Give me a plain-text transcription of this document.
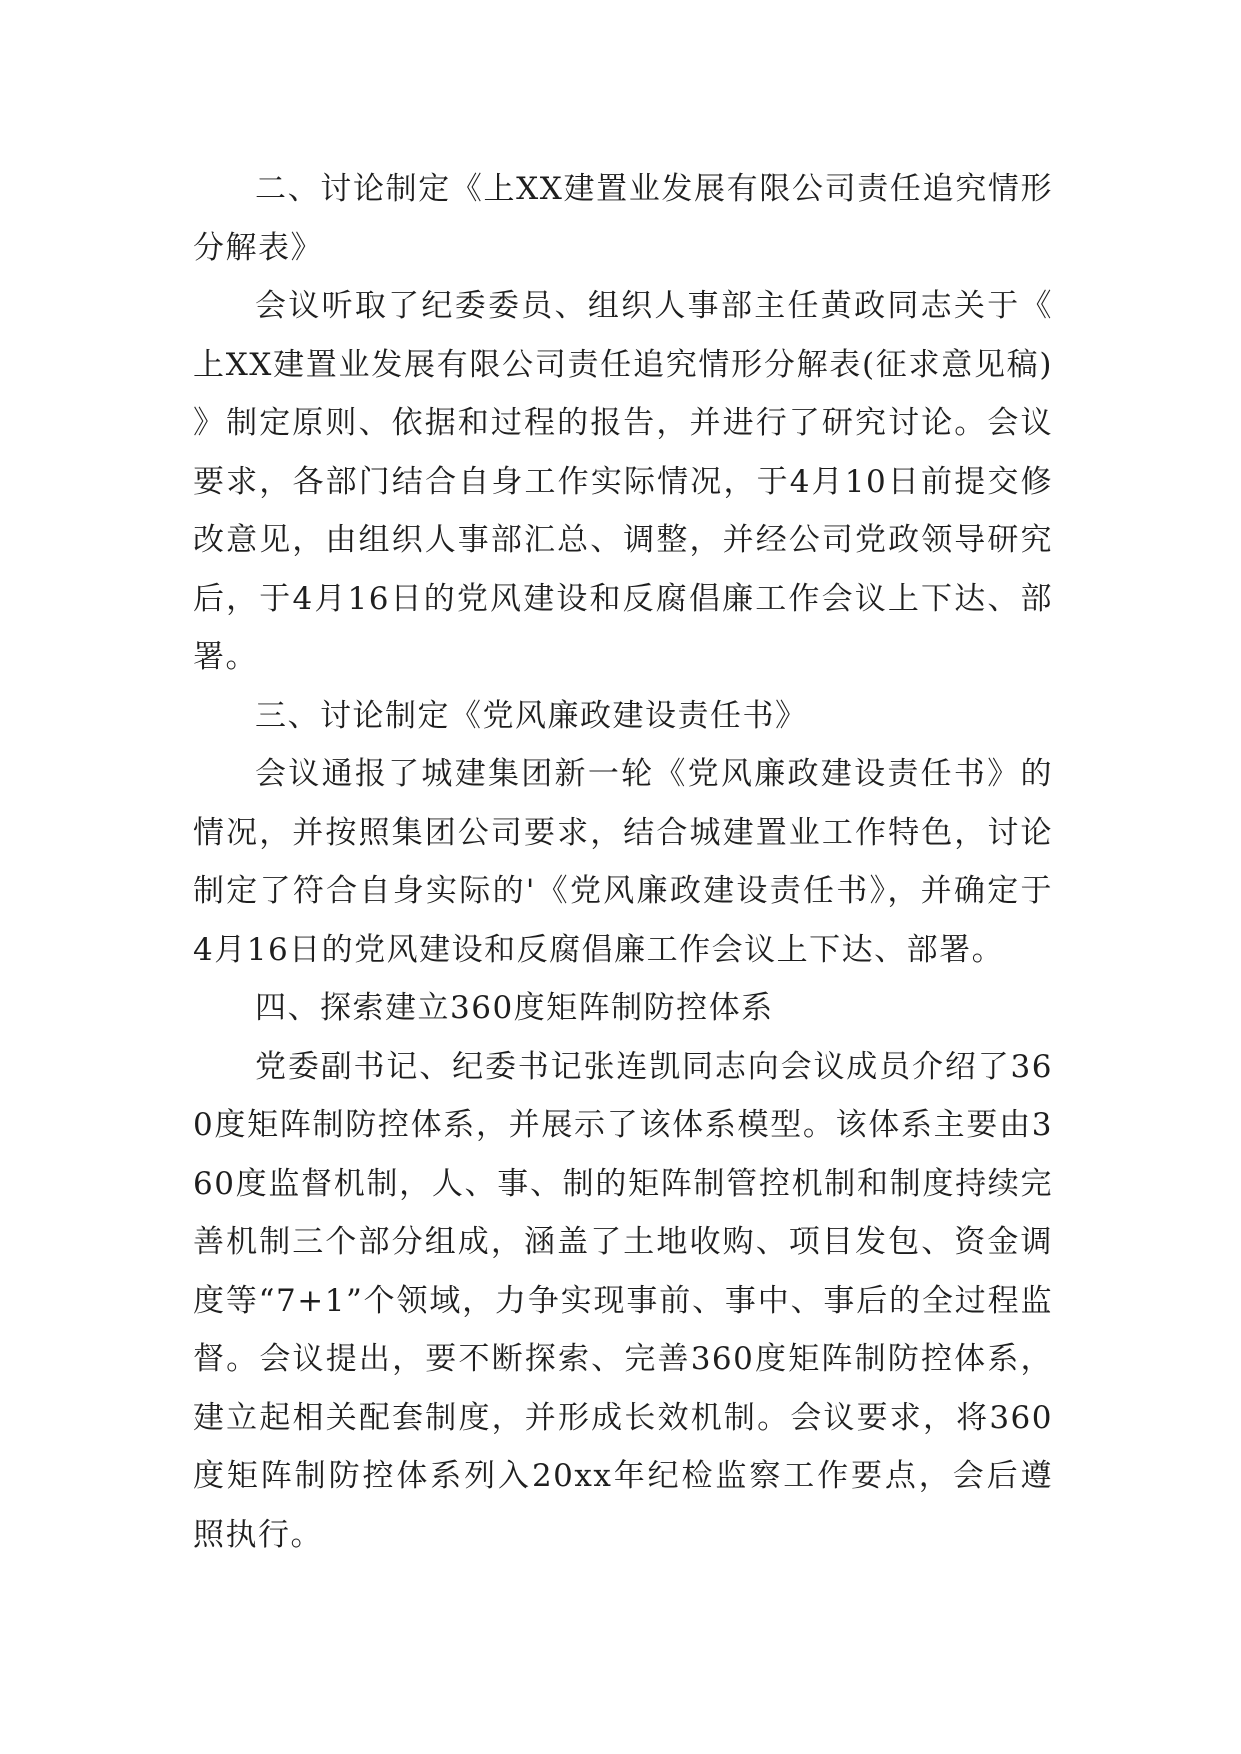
二、讨论制定《上XX建置业发展有限公司责任追究情形分解表》

会议听取了纪委委员、组织人事部主任黄政同志关于《上XX建置业发展有限公司责任追究情形分解表(征求意见稿)》制定原则、依据和过程的报告，并进行了研究讨论。会议要求，各部门结合自身工作实际情况，于4月10日前提交修改意见，由组织人事部汇总、调整，并经公司党政领导研究后，于4月16日的党风建设和反腐倡廉工作会议上下达、部署。

三、讨论制定《党风廉政建设责任书》

会议通报了城建集团新一轮《党风廉政建设责任书》的情况，并按照集团公司要求，结合城建置业工作特色，讨论制定了符合自身实际的'《党风廉政建设责任书》，并确定于4月16日的党风建设和反腐倡廉工作会议上下达、部署。

四、探索建立360度矩阵制防控体系

党委副书记、纪委书记张连凯同志向会议成员介绍了360度矩阵制防控体系，并展示了该体系模型。该体系主要由360度监督机制，人、事、制的矩阵制管控机制和制度持续完善机制三个部分组成，涵盖了土地收购、项目发包、资金调度等“7+1”个领域，力争实现事前、事中、事后的全过程监督。会议提出，要不断探索、完善360度矩阵制防控体系，建立起相关配套制度，并形成长效机制。会议要求，将360度矩阵制防控体系列入20xx年纪检监察工作要点，会后遵照执行。
